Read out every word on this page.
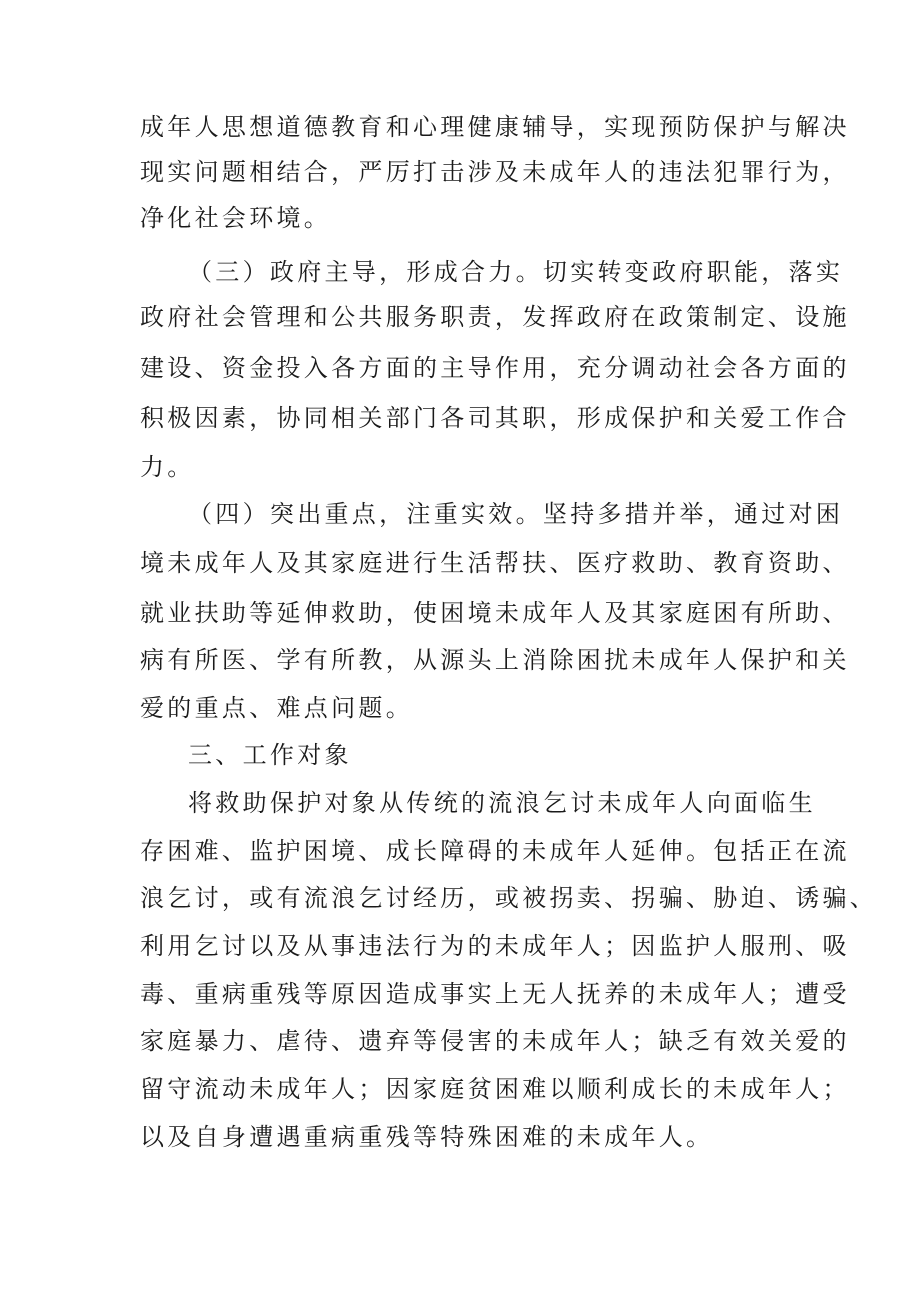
成年人思想道德教育和心理健康辅导，实现预防保护与解决
现实问题相结合，严厉打击涉及未成年人的违法犯罪行为，
净化社会环境。
（三）政府主导，形成合力。切实转变政府职能，落实
政府社会管理和公共服务职责，发挥政府在政策制定、设施
建设、资金投入各方面的主导作用，充分调动社会各方面的
积极因素，协同相关部门各司其职，形成保护和关爱工作合
力。
（四）突出重点，注重实效。坚持多措并举，通过对困
境未成年人及其家庭进行生活帮扶、医疗救助、教育资助、
就业扶助等延伸救助，使困境未成年人及其家庭困有所助、
病有所医、学有所教，从源头上消除困扰未成年人保护和关
爱的重点、难点问题。
三、工作对象
将救助保护对象从传统的流浪乞讨未成年人向面临生
存困难、监护困境、成长障碍的未成年人延伸。包括正在流
浪乞讨，或有流浪乞讨经历，或被拐卖、拐骗、胁迫、诱骗、
利用乞讨以及从事违法行为的未成年人；因监护人服刑、吸
毒、重病重残等原因造成事实上无人抚养的未成年人；遭受
家庭暴力、虐待、遗弃等侵害的未成年人；缺乏有效关爱的
留守流动未成年人；因家庭贫困难以顺利成长的未成年人；
以及自身遭遇重病重残等特殊困难的未成年人。
